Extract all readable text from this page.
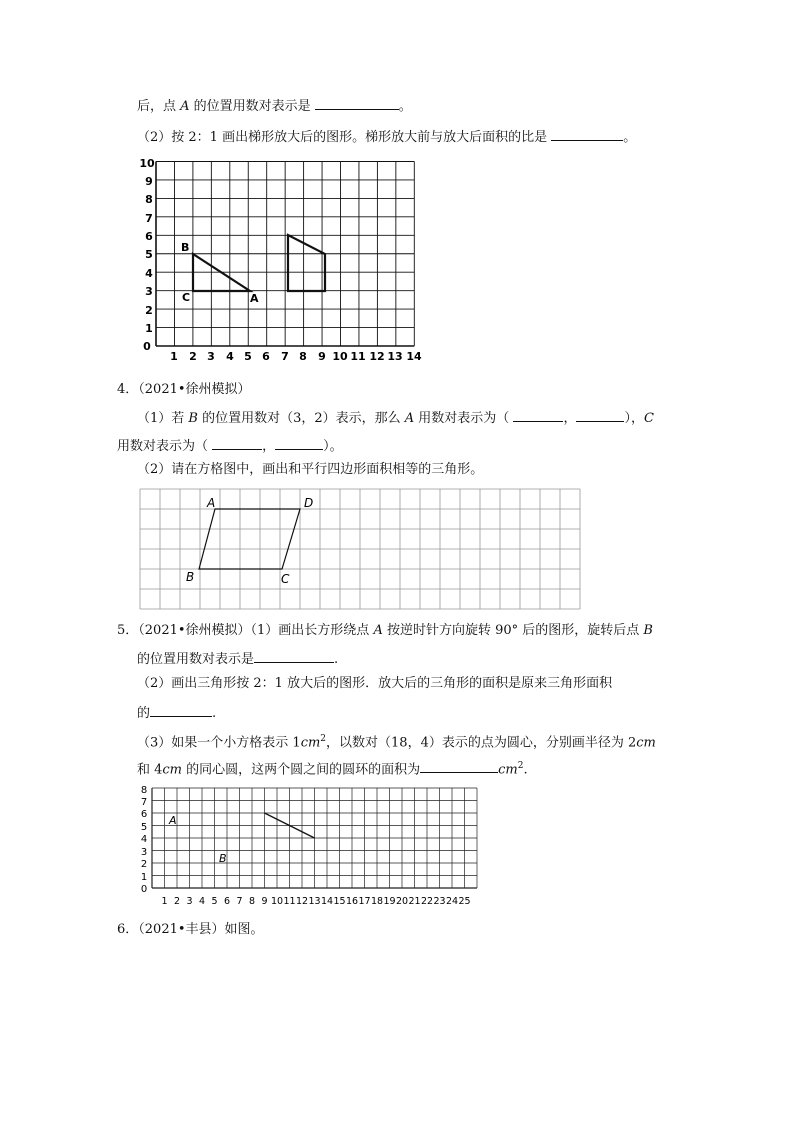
后，点 A 的位置用数对表示是	。
（2）按 2：1 画出梯形放大后的图形。梯形放大前与放大后面积的比是	。
0
1
2
3
4
5
6
7
8
9
10
1 2 3 4 5 6 7 8 9 10 11 12 13 14
B
C	A
4．（2021•徐州模拟）
（1）若 B 的位置用数对（3，2）表示，那么 A 用数对表示为（	，	），C
用数对表示为（	，	）。
（2）请在方格图中，画出和平行四边形面积相等的三角形。
A	D
B	C
5．（2021•徐州模拟）（1）画出长方形绕点 A 按逆时针方向旋转 90° 后的图形，旋转后点 B
的位置用数对表示是	.
（2）画出三角形按 2：1 放大后的图形．放大后的三角形的面积是原来三角形面积
的	.
（3）如果一个小方格表示 $1cm^2$，以数对（18，4）表示的点为圆心，分别画半径为 2cm
和 4cm 的同心圆，这两个圆之间的圆环的面积为	$cm^2$.
0
1
2
3
4
5
6
7
8
1 2 3 4 5 6 7 8 9 10 11 12 13 14 15 16 17 18 19 20 21 22 23 24 25
A
B
6．（2021•丰县）如图。
